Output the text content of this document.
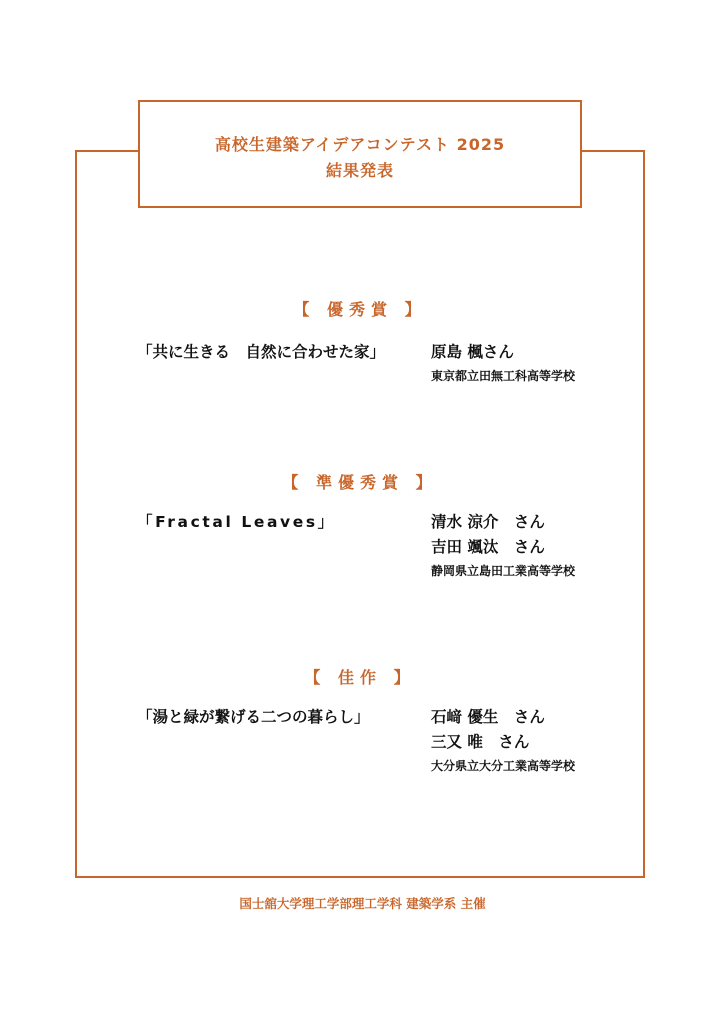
高校生建築アイデアコンテスト 2025
結果発表
【 優秀賞 】
「共に生きる　自然に合わせた家」	原島 楓さん
東京都立田無工科高等学校
【 準優秀賞 】
「Fractal Leaves」	清水 涼介　さん
吉田 颯汰　さん
静岡県立島田工業高等学校
【 佳作 】
「湯と緑が繋げる二つの暮らし」	石﨑 優生　さん
三又 唯　さん
大分県立大分工業高等学校
国士舘大学理工学部理工学科 建築学系 主催
